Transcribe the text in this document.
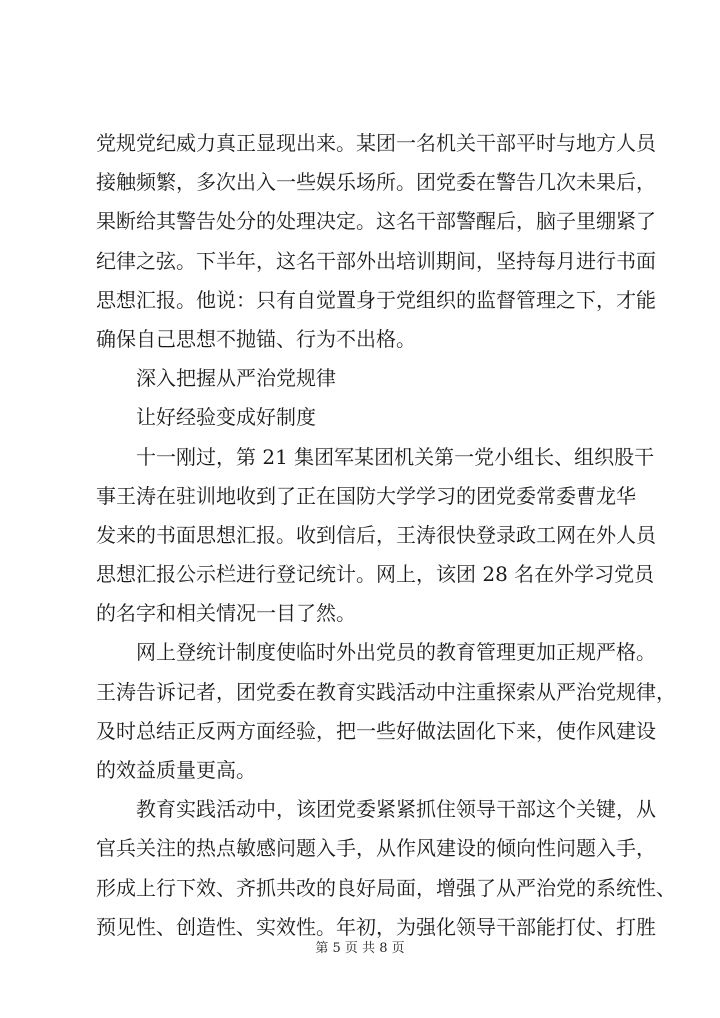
党规党纪威力真正显现出来。某团一名机关干部平时与地方人员
接触频繁，多次出入一些娱乐场所。团党委在警告几次未果后，
果断给其警告处分的处理决定。这名干部警醒后，脑子里绷紧了
纪律之弦。下半年，这名干部外出培训期间，坚持每月进行书面
思想汇报。他说：只有自觉置身于党组织的监督管理之下，才能
确保自己思想不抛锚、行为不出格。
深入把握从严治党规律
让好经验变成好制度
十一刚过，第 21 集团军某团机关第一党小组长、组织股干
事王涛在驻训地收到了正在国防大学学习的团党委常委曹龙华
发来的书面思想汇报。收到信后，王涛很快登录政工网在外人员
思想汇报公示栏进行登记统计。网上，该团 28 名在外学习党员
的名字和相关情况一目了然。
网上登统计制度使临时外出党员的教育管理更加正规严格。
王涛告诉记者，团党委在教育实践活动中注重探索从严治党规律，
及时总结正反两方面经验，把一些好做法固化下来，使作风建设
的效益质量更高。
教育实践活动中，该团党委紧紧抓住领导干部这个关键，从
官兵关注的热点敏感问题入手，从作风建设的倾向性问题入手，
形成上行下效、齐抓共改的良好局面，增强了从严治党的系统性、
预见性、创造性、实效性。年初，为强化领导干部能打仗、打胜
第 5 页 共 8 页
